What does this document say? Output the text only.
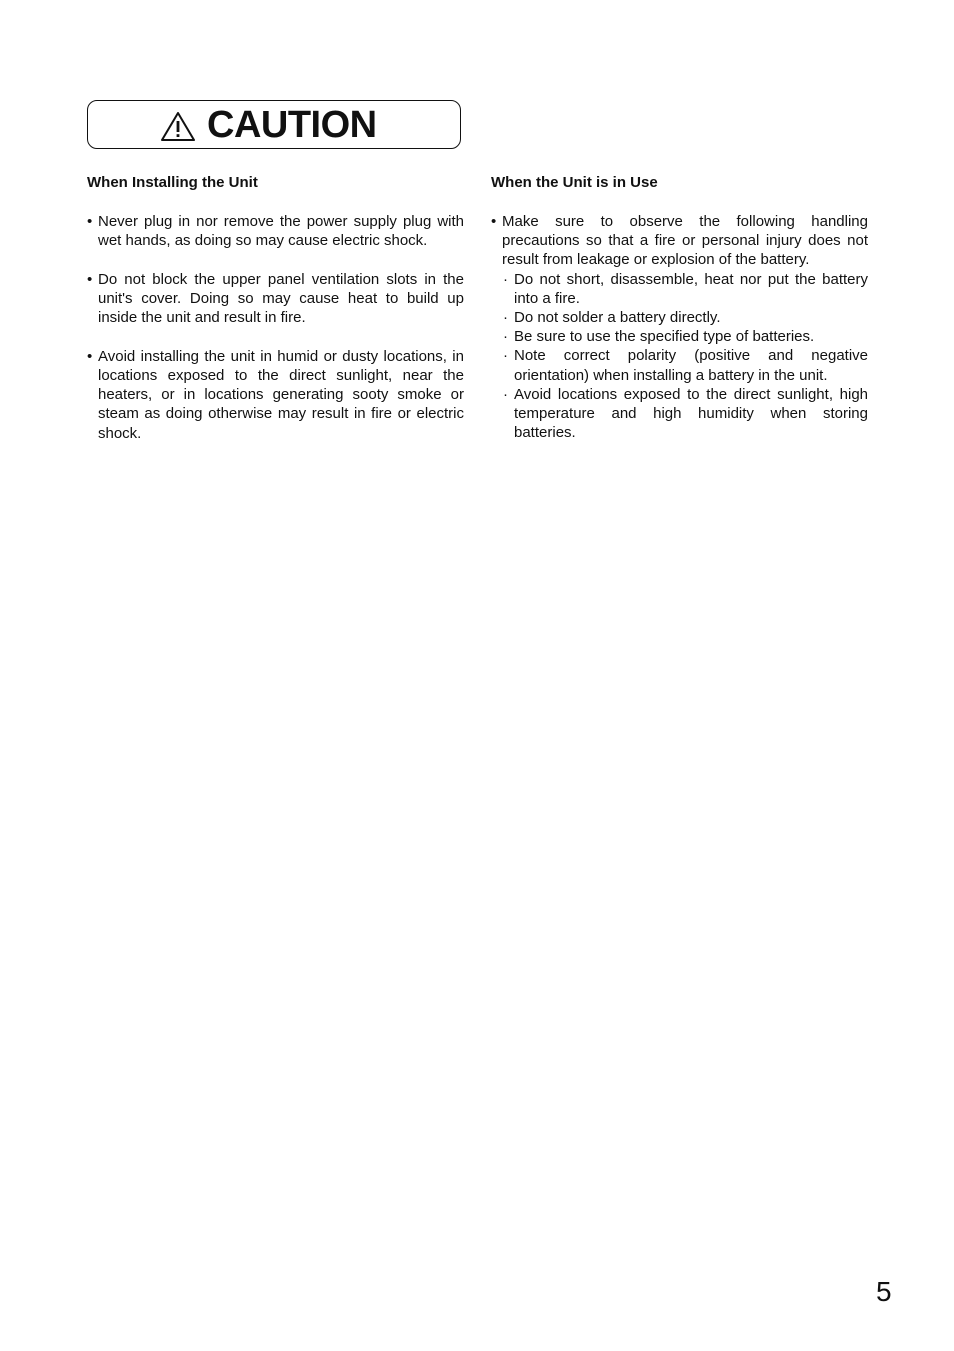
CAUTION
When Installing the Unit
• Never plug in nor remove the power supply plug with wet hands, as doing so may cause electric shock.
• Do not block the upper panel ventilation slots in the unit's cover. Doing so may cause heat to build up inside the unit and result in fire.
• Avoid installing the unit in humid or dusty locations, in locations exposed to the direct sunlight, near the heaters, or in locations generating sooty smoke or steam as doing otherwise may result in fire or electric shock.
When the Unit is in Use
• Make sure to observe the following handling precautions so that a fire or personal injury does not result from leakage or explosion of the battery.
· Do not short, disassemble, heat nor put the battery into a fire.
· Do not solder a battery directly.
· Be sure to use the specified type of batteries.
· Note correct polarity (positive and negative orientation) when installing a battery in the unit.
· Avoid locations exposed to the direct sunlight, high temperature and high humidity when storing batteries.
5
